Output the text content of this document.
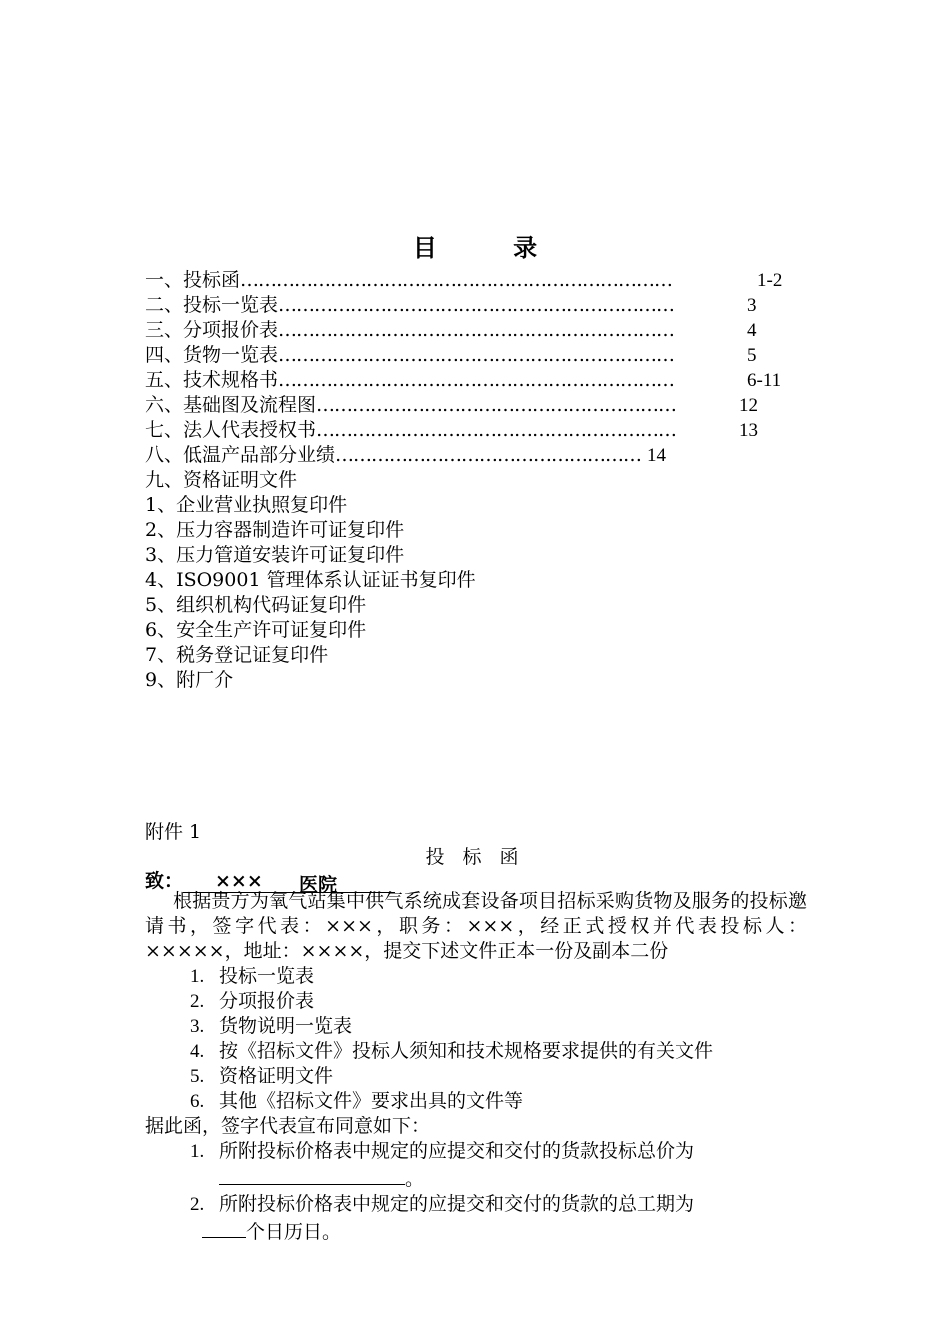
目 录
一、投标函 ………………………………………………………………	1-2
二、投标一览表 …………………………………………………………	3
三、分项报价表 …………………………………………………………	4
四、货物一览表 …………………………………………………………	5
五、技术规格书 …………………………………………………………	6-11
六、基础图及流程图 ……………………………………………………	12
七、法人代表授权书 ……………………………………………………	13
八、低温产品部分业绩 …………………………………………… 14
九、资格证明文件
1、企业营业执照复印件
2、压力容器制造许可证复印件
3、压力管道安装许可证复印件
4、ISO9001 管理体系认证证书复印件
5、组织机构代码证复印件
6、安全生产许可证复印件
7、税务登记证复印件
9、附厂介
附件 1
投 标 函
致： ××× 医院
根据贵方为氧气站集中供气系统成套设备项目招标采购货物及服务的投标邀请书，签字代表：×××，职务：×××，经正式授权并代表投标人：×××××，地址：××××，提交下述文件正本一份及副本二份
1. 投标一览表
2. 分项报价表
3. 货物说明一览表
4. 按《招标文件》投标人须知和技术规格要求提供的有关文件
5. 资格证明文件
6. 其他《招标文件》要求出具的文件等
据此函，签字代表宣布同意如下：
1. 所附投标价格表中规定的应提交和交付的货款投标总价为
。
2. 所附投标价格表中规定的应提交和交付的货款的总工期为
个日历日。
